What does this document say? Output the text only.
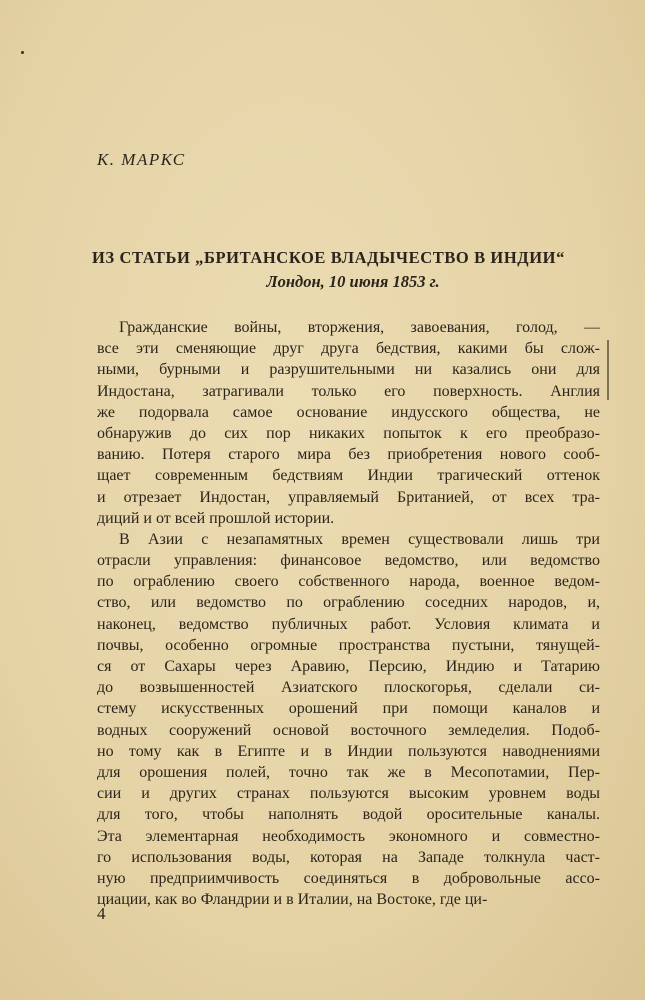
К. МАРКС
ИЗ СТАТЬИ „БРИТАНСКОЕ ВЛАДЫЧЕСТВО В ИНДИИ“
Лондон, 10 июня 1853 г.
Гражданские войны, вторжения, завоевания, голод, —
все эти сменяющие друг друга бедствия, какими бы слож-
ными, бурными и разрушительными ни казались они для
Индостана, затрагивали только его поверхность. Англия
же подорвала самое основание индусского общества, не
обнаружив до сих пор никаких попыток к его преобразо-
ванию. Потеря старого мира без приобретения нового сооб-
щает современным бедствиям Индии трагический оттенок
и отрезает Индостан, управляемый Британией, от всех тра-
диций и от всей прошлой истории.
В Азии с незапамятных времен существовали лишь три
отрасли управления: финансовое ведомство, или ведомство
по ограблению своего собственного народа, военное ведом-
ство, или ведомство по ограблению соседних народов, и,
наконец, ведомство публичных работ. Условия климата и
почвы, особенно огромные пространства пустыни, тянущей-
ся от Сахары через Аравию, Персию, Индию и Татарию
до возвышенностей Азиатского плоскогорья, сделали си-
стему искусственных орошений при помощи каналов и
водных сооружений основой восточного земледелия. Подоб-
но тому как в Египте и в Индии пользуются наводнениями
для орошения полей, точно так же в Месопотамии, Пер-
сии и других странах пользуются высоким уровнем воды
для того, чтобы наполнять водой оросительные каналы.
Эта элементарная необходимость экономного и совместно-
го использования воды, которая на Западе толкнула част-
ную предприимчивость соединяться в добровольные ассо-
циации, как во Фландрии и в Италии, на Востоке, где ци-
4
